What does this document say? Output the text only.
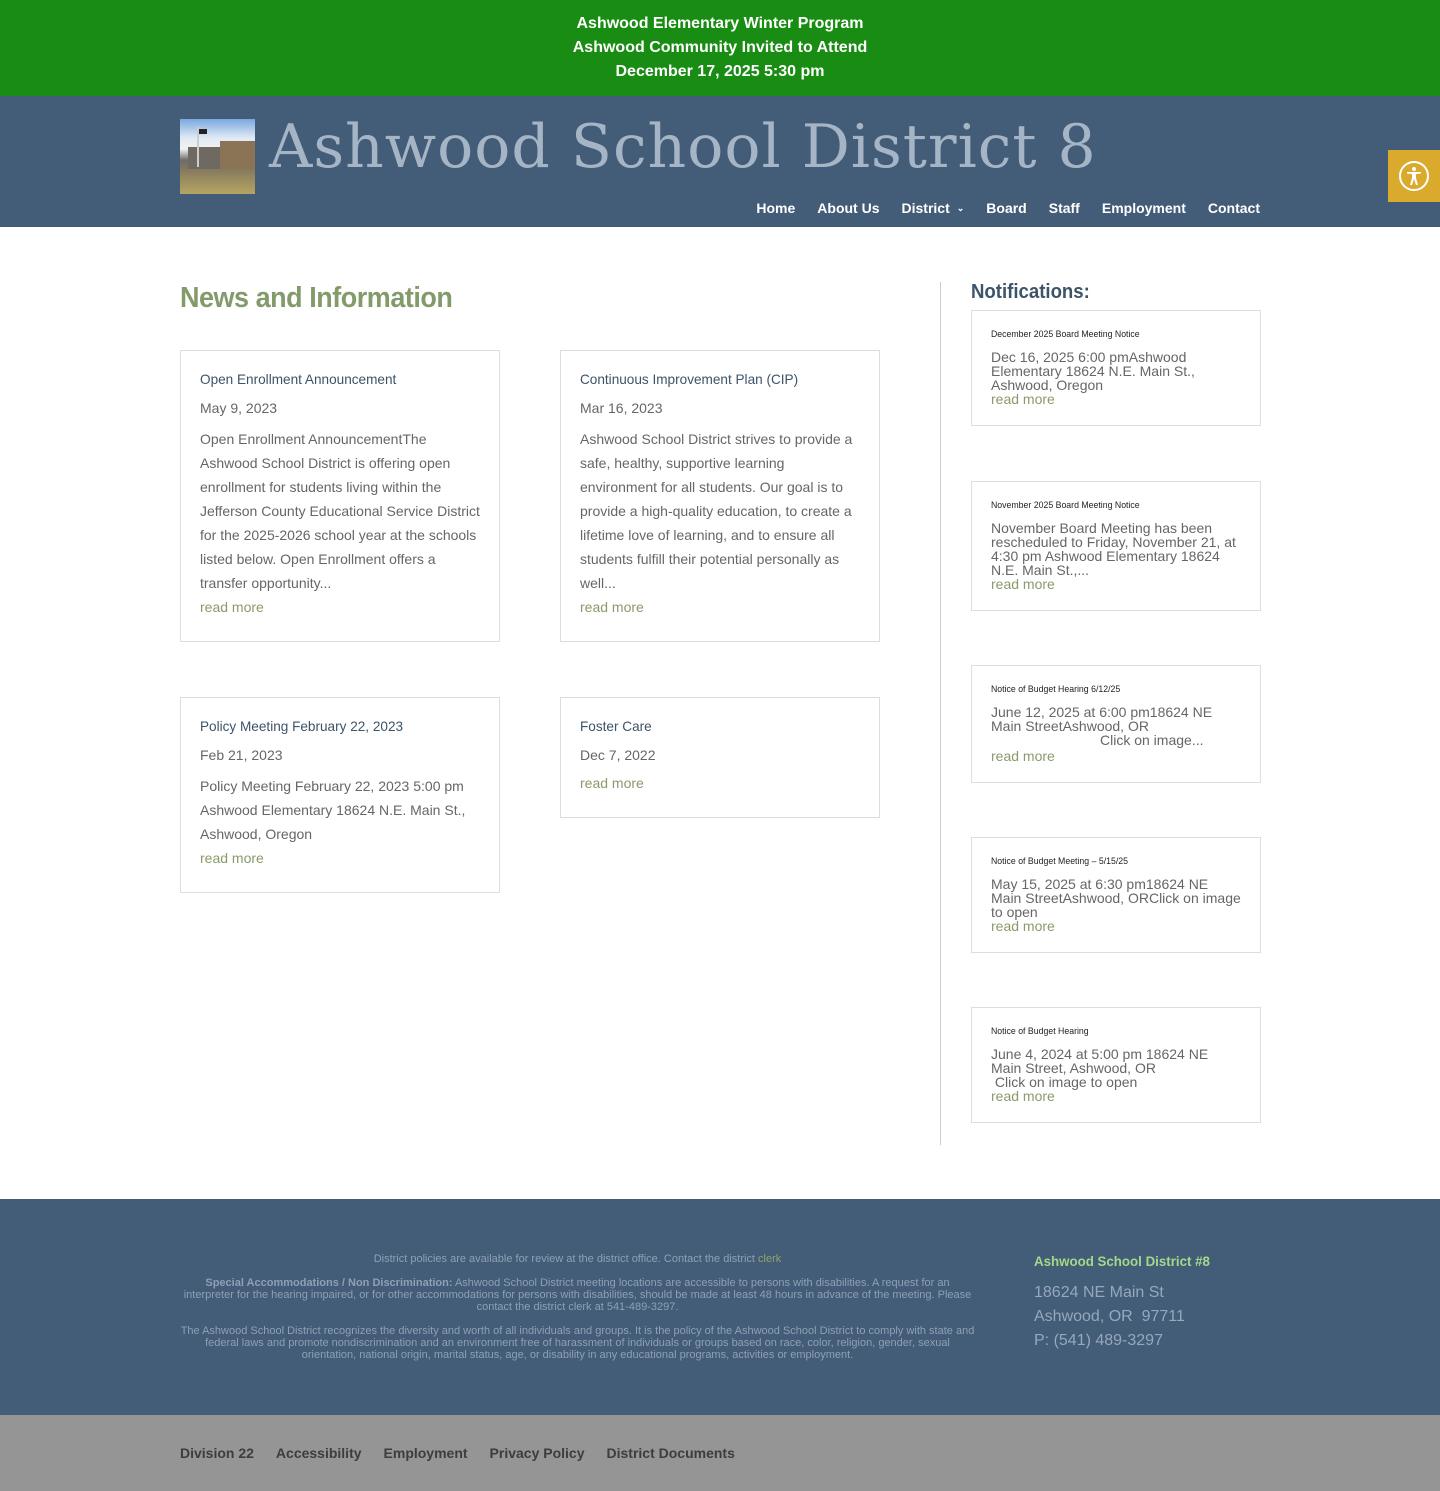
Ashwood Elementary Winter Program
Ashwood Community Invited to Attend
December 17, 2025 5:30 pm
Ashwood School District 8
Home About Us District ⌄ Board Staff Employment Contact
News and Information
Open Enrollment Announcement
May 9, 2023
Open Enrollment AnnouncementThe Ashwood School District is offering open enrollment for students living within the Jefferson County Educational Service District for the 2025-2026 school year at the schools listed below. Open Enrollment offers a transfer opportunity...
read more
Continuous Improvement Plan (CIP)
Mar 16, 2023
Ashwood School District strives to provide a safe, healthy, supportive learning environment for all students. Our goal is to provide a high-quality education, to create a lifetime love of learning, and to ensure all students fulfill their potential personally as well...
read more
Policy Meeting February 22, 2023
Feb 21, 2023
Policy Meeting February 22, 2023 5:00 pm Ashwood Elementary 18624 N.E. Main St., Ashwood, Oregon
read more
Foster Care
Dec 7, 2022
read more
Notifications:
December 2025 Board Meeting Notice
Dec 16, 2025 6:00 pmAshwood Elementary 18624 N.E. Main St., Ashwood, Oregon
read more
November 2025 Board Meeting Notice
November Board Meeting has been rescheduled to Friday, November 21, at 4:30 pm Ashwood Elementary 18624 N.E. Main St.,...
read more
Notice of Budget Hearing 6/12/25
June 12, 2025 at 6:00 pm18624 NE Main StreetAshwood, OR
Click on image...
read more
Notice of Budget Meeting – 5/15/25
May 15, 2025 at 6:30 pm18624 NE Main StreetAshwood, ORClick on image to open
read more
Notice of Budget Hearing
June 4, 2024 at 5:00 pm 18624 NE Main Street, Ashwood, OR
Click on image to open
read more

District policies are available for review at the district office. Contact the district clerk

Special Accommodations / Non Discrimination: Ashwood School District meeting locations are accessible to persons with disabilities. A request for an interpreter for the hearing impaired, or for other accommodations for persons with disabilities, should be made at least 48 hours in advance of the meeting. Please contact the district clerk at 541-489-3297.

The Ashwood School District recognizes the diversity and worth of all individuals and groups. It is the policy of the Ashwood School District to comply with state and federal laws and promote nondiscrimination and an environment free of harassment of individuals or groups based on race, color, religion, gender, sexual orientation, national origin, marital status, age, or disability in any educational programs, activities or employment.

Ashwood School District #8
18624 NE Main St
Ashwood, OR  97711
P: (541) 489-3297
Division 22 Accessibility Employment Privacy Policy District Documents
